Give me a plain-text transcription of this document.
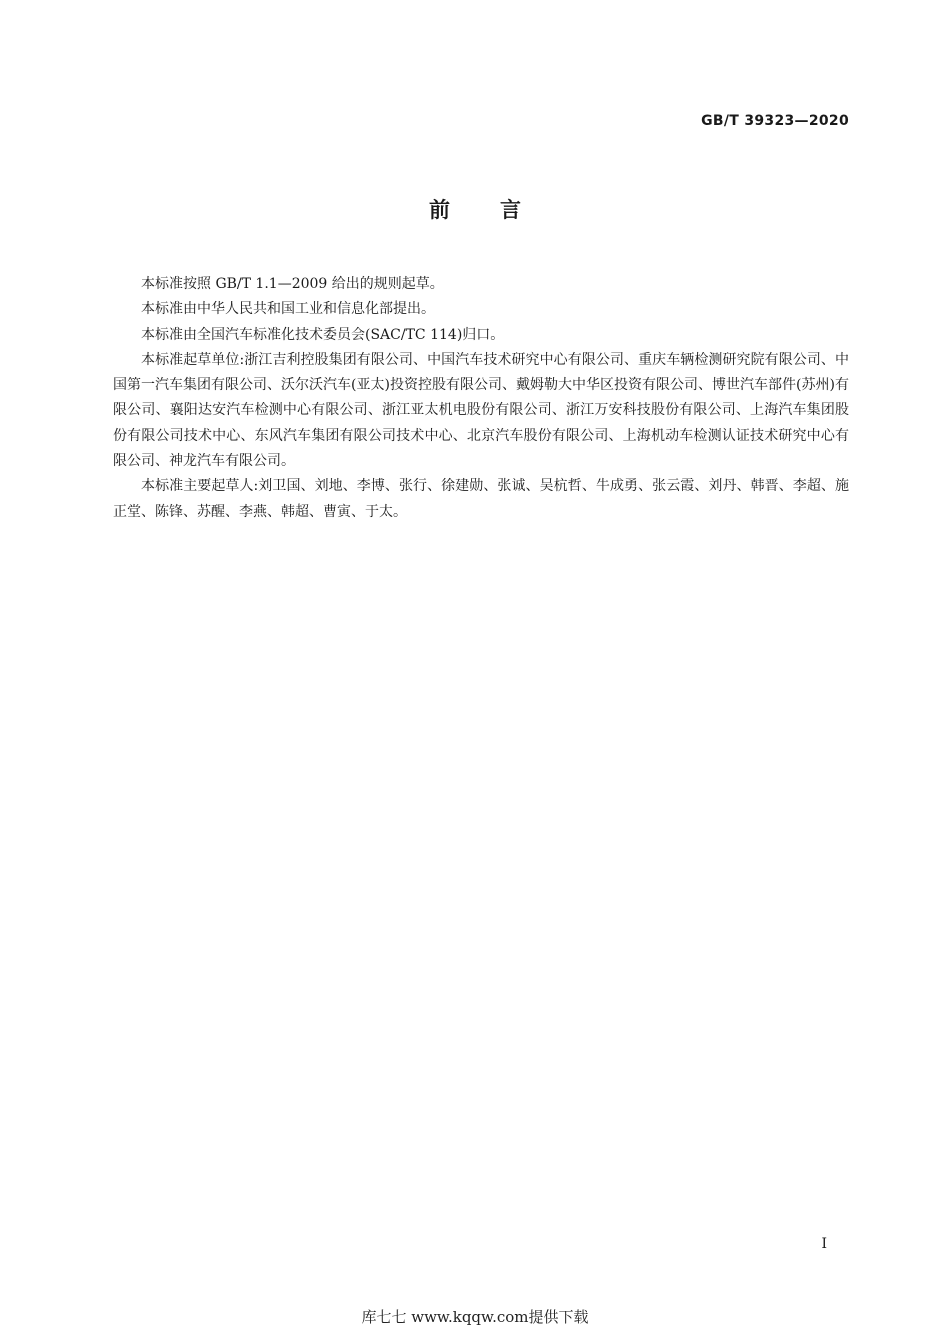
GB/T 39323—2020
前言

本标准按照 GB/T 1.1—2009 给出的规则起草。

本标准由中华人民共和国工业和信息化部提出。

本标准由全国汽车标准化技术委员会(SAC/TC 114)归口。

本标准起草单位:浙江吉利控股集团有限公司、中国汽车技术研究中心有限公司、重庆车辆检测研究院有限公司、中国第一汽车集团有限公司、沃尔沃汽车(亚太)投资控股有限公司、戴姆勒大中华区投资有限公司、博世汽车部件(苏州)有限公司、襄阳达安汽车检测中心有限公司、浙江亚太机电股份有限公司、浙江万安科技股份有限公司、上海汽车集团股份有限公司技术中心、东风汽车集团有限公司技术中心、北京汽车股份有限公司、上海机动车检测认证技术研究中心有限公司、神龙汽车有限公司。

本标准主要起草人:刘卫国、刘地、李博、张行、徐建勋、张诚、吴杭哲、牛成勇、张云霞、刘丹、韩晋、李超、施正堂、陈锋、苏醒、李燕、韩超、曹寅、于太。

I
库七七 www.kqqw.com提供下载
